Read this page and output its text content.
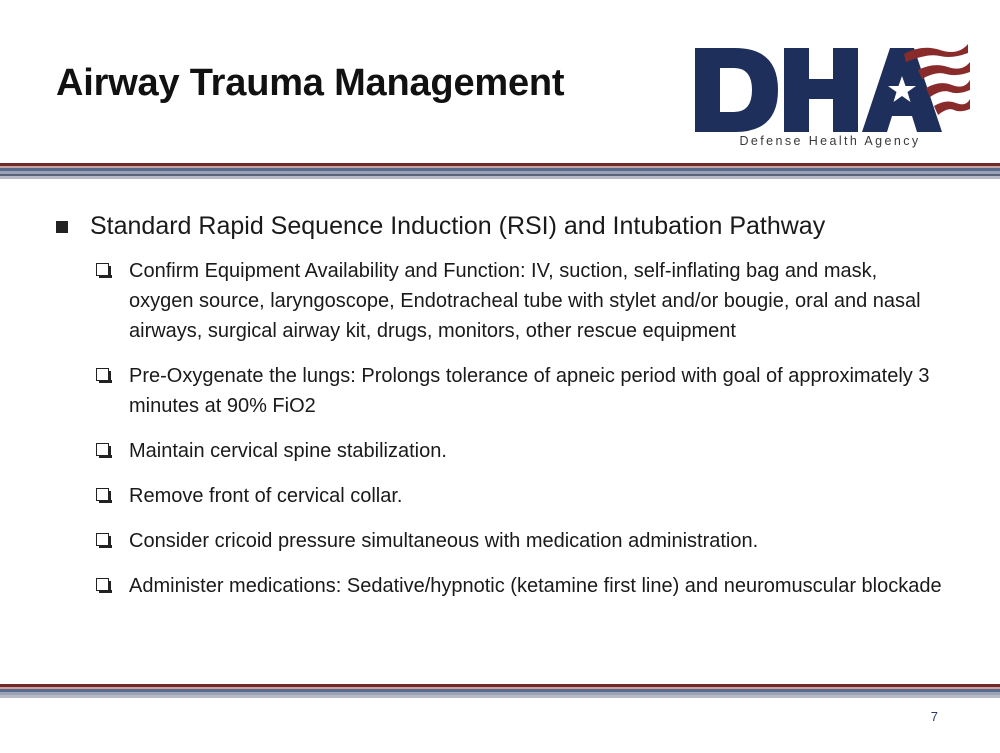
Airway Trauma Management
Defense Health Agency
Standard Rapid Sequence Induction (RSI) and Intubation Pathway
Confirm Equipment Availability and Function: IV, suction, self-inflating bag and mask, oxygen source, laryngoscope, Endotracheal tube with stylet and/or bougie, oral and nasal airways, surgical airway kit, drugs, monitors, other rescue equipment
Pre-Oxygenate the lungs: Prolongs tolerance of apneic period with goal of approximately 3 minutes at 90% FiO2
Maintain cervical spine stabilization.
Remove front of cervical collar.
Consider cricoid pressure simultaneous with medication administration.
Administer medications: Sedative/hypnotic (ketamine first line) and neuromuscular blockade
7
